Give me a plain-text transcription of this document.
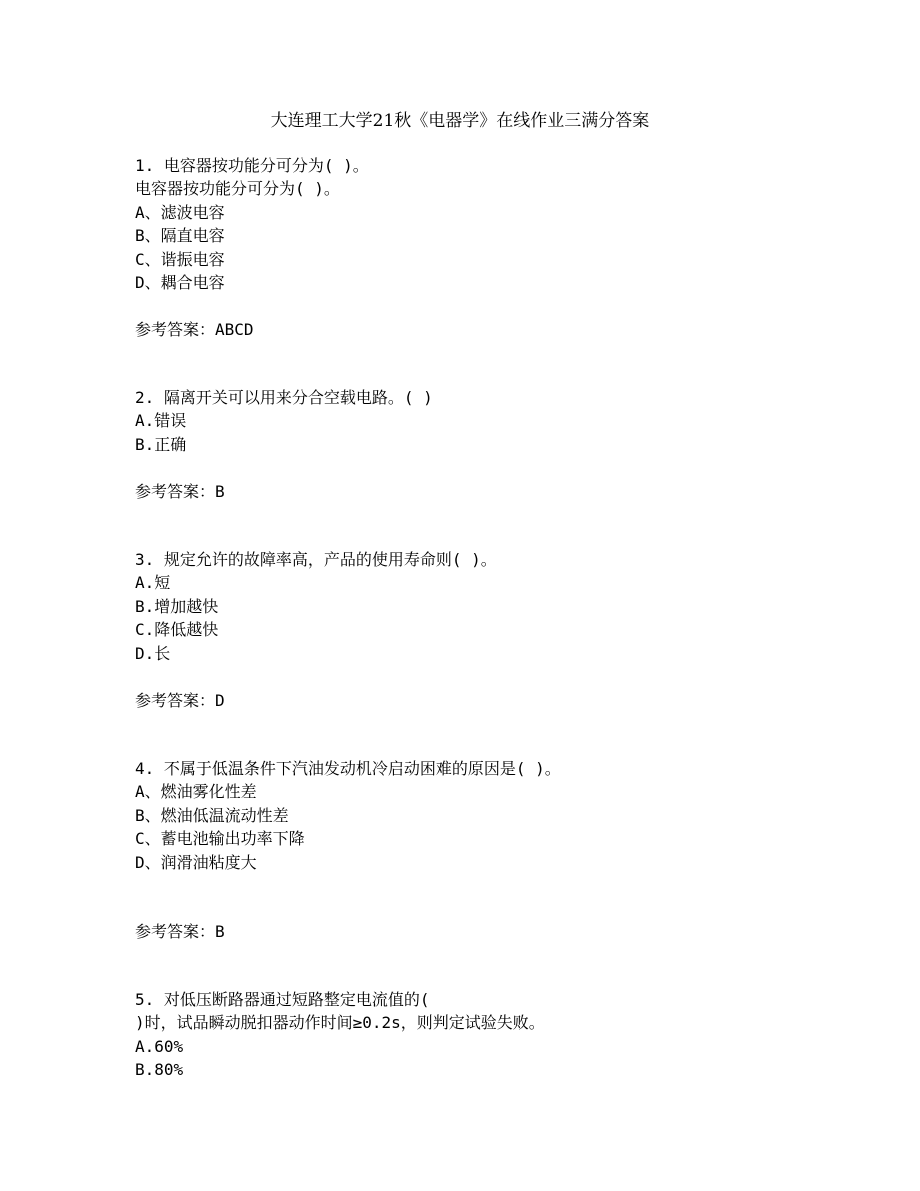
大连理工大学21秋《电器学》在线作业三满分答案
1. 电容器按功能分可分为( )。
电容器按功能分可分为( )。
A、滤波电容
B、隔直电容
C、谐振电容
D、耦合电容
参考答案：ABCD
2. 隔离开关可以用来分合空载电路。( )
A.错误
B.正确
参考答案：B
3. 规定允许的故障率高，产品的使用寿命则( )。
A.短
B.增加越快
C.降低越快
D.长
参考答案：D
4. 不属于低温条件下汽油发动机冷启动困难的原因是( )。
A、燃油雾化性差
B、燃油低温流动性差
C、蓄电池输出功率下降
D、润滑油粘度大
参考答案：B
5. 对低压断路器通过短路整定电流值的(
)时，试品瞬动脱扣器动作时间≥0.2s，则判定试验失败。
A.60%
B.80%
